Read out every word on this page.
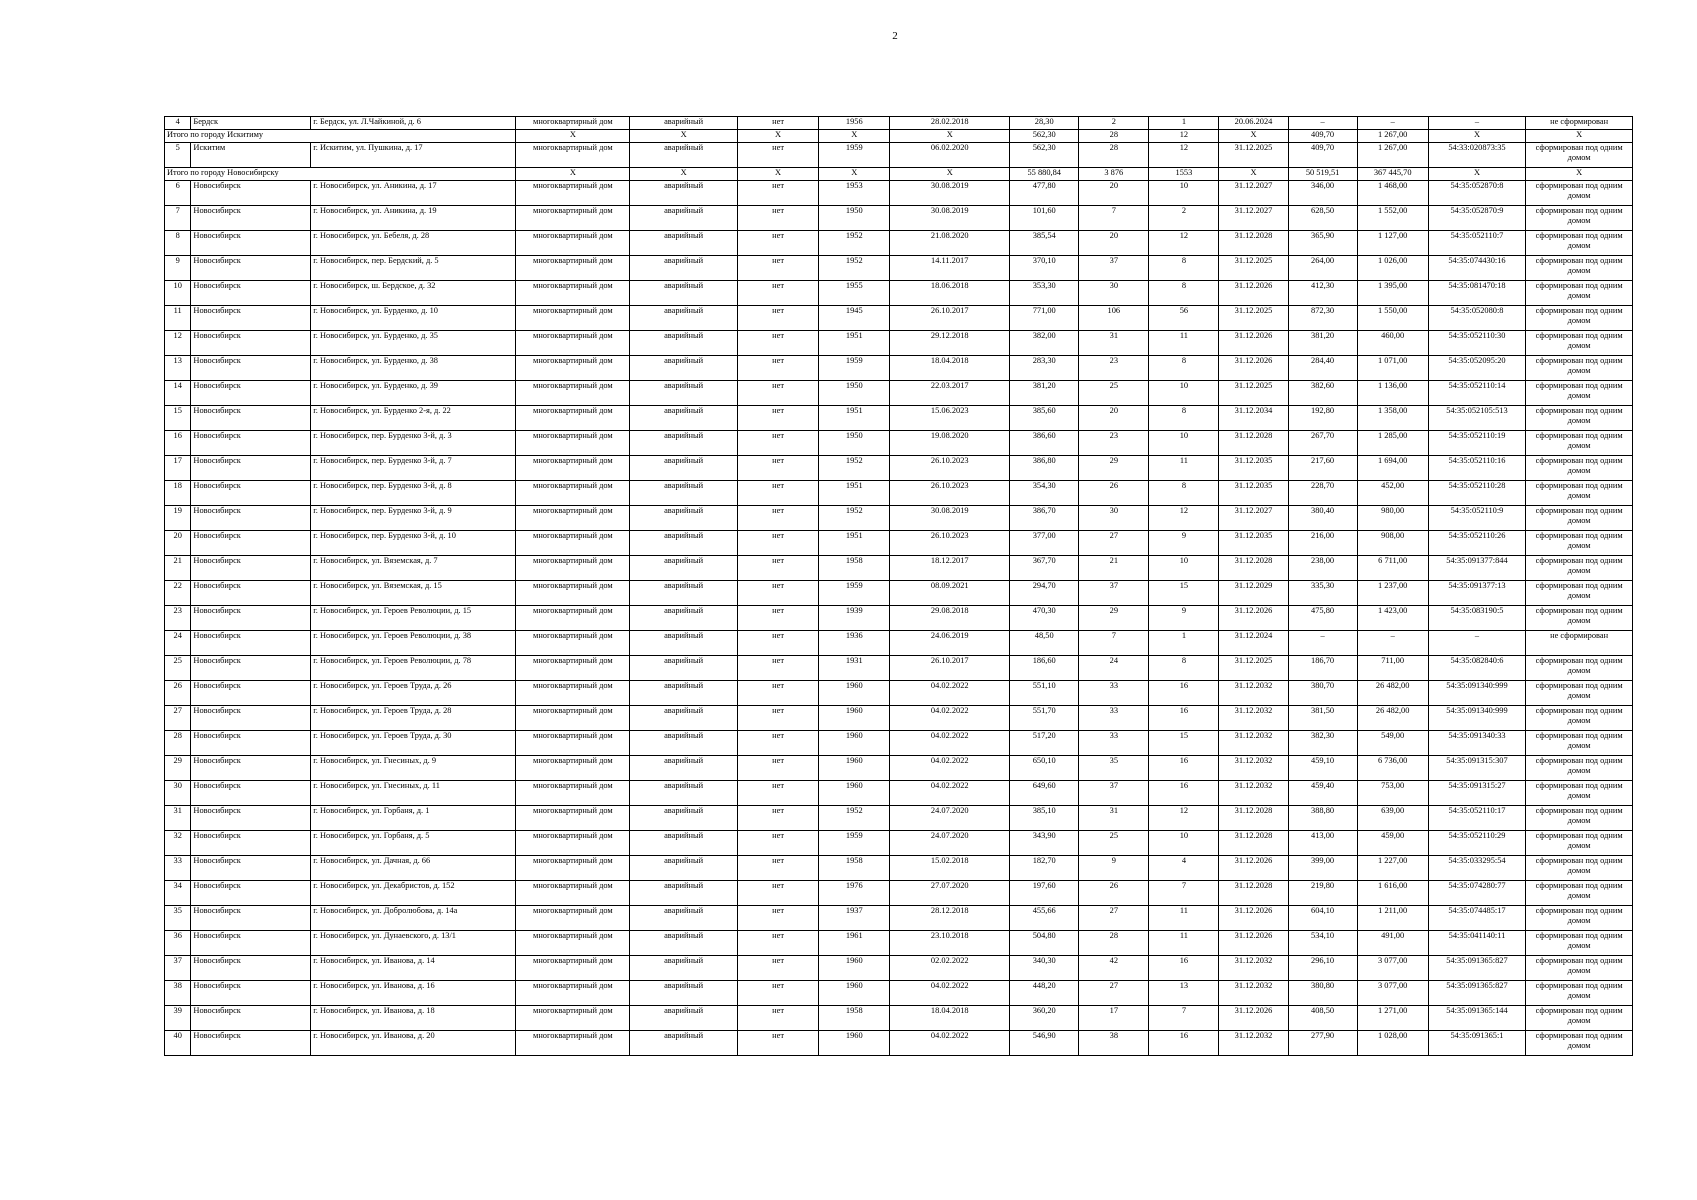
2
4	Бердск	г. Бердск, ул. Л.Чайкиной, д. 6	многоквартирный дом	аварийный	нет	1956	28.02.2018	28,30	2	1	20.06.2024	–	–	–	не сформирован
Итого по городу Искитиму			X	X	X	X	X	562,30	28	12	X	409,70	1 267,00	X	X
5	Искитим	г. Искитим, ул. Пушкина, д. 17	многоквартирный дом	аварийный	нет	1959	06.02.2020	562,30	28	12	31.12.2025	409,70	1 267,00	54:33:020873:35	сформирован под одним домом
Итого по городу Новосибирску			X	X	X	X	X	55 880,84	3 876	1553	X	50 519,51	367 445,70	X	X
6	Новосибирск	г. Новосибирск, ул. Аникина, д. 17	многоквартирный дом	аварийный	нет	1953	30.08.2019	477,80	20	10	31.12.2027	346,00	1 468,00	54:35:052870:8	сформирован под одним домом
7	Новосибирск	г. Новосибирск, ул. Аникина, д. 19	многоквартирный дом	аварийный	нет	1950	30.08.2019	101,60	7	2	31.12.2027	628,50	1 552,00	54:35:052870:9	сформирован под одним домом
8	Новосибирск	г. Новосибирск, ул. Бебеля, д. 28	многоквартирный дом	аварийный	нет	1952	21.08.2020	385,54	20	12	31.12.2028	365,90	1 127,00	54:35:052110:7	сформирован под одним домом
9	Новосибирск	г. Новосибирск, пер. Бердский, д. 5	многоквартирный дом	аварийный	нет	1952	14.11.2017	370,10	37	8	31.12.2025	264,00	1 026,00	54:35:074430:16	сформирован под одним домом
10	Новосибирск	г. Новосибирск, ш. Бердское, д. 32	многоквартирный дом	аварийный	нет	1955	18.06.2018	353,30	30	8	31.12.2026	412,30	1 395,00	54:35:081470:18	сформирован под одним домом
11	Новосибирск	г. Новосибирск, ул. Бурденко, д. 10	многоквартирный дом	аварийный	нет	1945	26.10.2017	771,00	106	56	31.12.2025	872,30	1 550,00	54:35:052080:8	сформирован под одним домом
12	Новосибирск	г. Новосибирск, ул. Бурденко, д. 35	многоквартирный дом	аварийный	нет	1951	29.12.2018	382,00	31	11	31.12.2026	381,20	460,00	54:35:052110:30	сформирован под одним домом
13	Новосибирск	г. Новосибирск, ул. Бурденко, д. 38	многоквартирный дом	аварийный	нет	1959	18.04.2018	283,30	23	8	31.12.2026	284,40	1 071,00	54:35:052095:20	сформирован под одним домом
14	Новосибирск	г. Новосибирск, ул. Бурденко, д. 39	многоквартирный дом	аварийный	нет	1950	22.03.2017	381,20	25	10	31.12.2025	382,60	1 136,00	54:35:052110:14	сформирован под одним домом
15	Новосибирск	г. Новосибирск, ул. Бурденко 2-я, д. 22	многоквартирный дом	аварийный	нет	1951	15.06.2023	385,60	20	8	31.12.2034	192,80	1 358,00	54:35:052105:513	сформирован под одним домом
16	Новосибирск	г. Новосибирск, пер. Бурденко 3-й, д. 3	многоквартирный дом	аварийный	нет	1950	19.08.2020	386,60	23	10	31.12.2028	267,70	1 285,00	54:35:052110:19	сформирован под одним домом
17	Новосибирск	г. Новосибирск, пер. Бурденко 3-й, д. 7	многоквартирный дом	аварийный	нет	1952	26.10.2023	386,80	29	11	31.12.2035	217,60	1 694,00	54:35:052110:16	сформирован под одним домом
18	Новосибирск	г. Новосибирск, пер. Бурденко 3-й, д. 8	многоквартирный дом	аварийный	нет	1951	26.10.2023	354,30	26	8	31.12.2035	228,70	452,00	54:35:052110:28	сформирован под одним домом
19	Новосибирск	г. Новосибирск, пер. Бурденко 3-й, д. 9	многоквартирный дом	аварийный	нет	1952	30.08.2019	386,70	30	12	31.12.2027	380,40	980,00	54:35:052110:9	сформирован под одним домом
20	Новосибирск	г. Новосибирск, пер. Бурденко 3-й, д. 10	многоквартирный дом	аварийный	нет	1951	26.10.2023	377,00	27	9	31.12.2035	216,00	908,00	54:35:052110:26	сформирован под одним домом
21	Новосибирск	г. Новосибирск, ул. Вяземская, д. 7	многоквартирный дом	аварийный	нет	1958	18.12.2017	367,70	21	10	31.12.2028	238,00	6 711,00	54:35:091377:844	сформирован под одним домом
22	Новосибирск	г. Новосибирск, ул. Вяземская, д. 15	многоквартирный дом	аварийный	нет	1959	08.09.2021	294,70	37	15	31.12.2029	335,30	1 237,00	54:35:091377:13	сформирован под одним домом
23	Новосибирск	г. Новосибирск, ул. Героев Революции, д. 15	многоквартирный дом	аварийный	нет	1939	29.08.2018	470,30	29	9	31.12.2026	475,80	1 423,00	54:35:083190:5	сформирован под одним домом
24	Новосибирск	г. Новосибирск, ул. Героев Революции, д. 38	многоквартирный дом	аварийный	нет	1936	24.06.2019	48,50	7	1	31.12.2024	–	–	–	не сформирован
25	Новосибирск	г. Новосибирск, ул. Героев Революции, д. 78	многоквартирный дом	аварийный	нет	1931	26.10.2017	186,60	24	8	31.12.2025	186,70	711,00	54:35:082840:6	сформирован под одним домом
26	Новосибирск	г. Новосибирск, ул. Героев Труда, д. 26	многоквартирный дом	аварийный	нет	1960	04.02.2022	551,10	33	16	31.12.2032	380,70	26 482,00	54:35:091340:999	сформирован под одним домом
27	Новосибирск	г. Новосибирск, ул. Героев Труда, д. 28	многоквартирный дом	аварийный	нет	1960	04.02.2022	551,70	33	16	31.12.2032	381,50	26 482,00	54:35:091340:999	сформирован под одним домом
28	Новосибирск	г. Новосибирск, ул. Героев Труда, д. 30	многоквартирный дом	аварийный	нет	1960	04.02.2022	517,20	33	15	31.12.2032	382,30	549,00	54:35:091340:33	сформирован под одним домом
29	Новосибирск	г. Новосибирск, ул. Гнесиных, д. 9	многоквартирный дом	аварийный	нет	1960	04.02.2022	650,10	35	16	31.12.2032	459,10	6 736,00	54:35:091315:307	сформирован под одним домом
30	Новосибирск	г. Новосибирск, ул. Гнесиных, д. 11	многоквартирный дом	аварийный	нет	1960	04.02.2022	649,60	37	16	31.12.2032	459,40	753,00	54:35:091315:27	сформирован под одним домом
31	Новосибирск	г. Новосибирск, ул. Горбаня, д. 1	многоквартирный дом	аварийный	нет	1952	24.07.2020	385,10	31	12	31.12.2028	388,80	639,00	54:35:052110:17	сформирован под одним домом
32	Новосибирск	г. Новосибирск, ул. Горбаня, д. 5	многоквартирный дом	аварийный	нет	1959	24.07.2020	343,90	25	10	31.12.2028	413,00	459,00	54:35:052110:29	сформирован под одним домом
33	Новосибирск	г. Новосибирск, ул. Дачная, д. 66	многоквартирный дом	аварийный	нет	1958	15.02.2018	182,70	9	4	31.12.2026	399,00	1 227,00	54:35:033295:54	сформирован под одним домом
34	Новосибирск	г. Новосибирск, ул. Декабристов, д. 152	многоквартирный дом	аварийный	нет	1976	27.07.2020	197,60	26	7	31.12.2028	219,80	1 616,00	54:35:074280:77	сформирован под одним домом
35	Новосибирск	г. Новосибирск, ул. Добролюбова, д. 14а	многоквартирный дом	аварийный	нет	1937	28.12.2018	455,66	27	11	31.12.2026	604,10	1 211,00	54:35:074485:17	сформирован под одним домом
36	Новосибирск	г. Новосибирск, ул. Дунаевского, д. 13/1	многоквартирный дом	аварийный	нет	1961	23.10.2018	504,80	28	11	31.12.2026	534,10	491,00	54:35:041140:11	сформирован под одним домом
37	Новосибирск	г. Новосибирск, ул. Иванова, д. 14	многоквартирный дом	аварийный	нет	1960	02.02.2022	340,30	42	16	31.12.2032	296,10	3 077,00	54:35:091365:827	сформирован под одним домом
38	Новосибирск	г. Новосибирск, ул. Иванова, д. 16	многоквартирный дом	аварийный	нет	1960	04.02.2022	448,20	27	13	31.12.2032	380,80	3 077,00	54:35:091365:827	сформирован под одним домом
39	Новосибирск	г. Новосибирск, ул. Иванова, д. 18	многоквартирный дом	аварийный	нет	1958	18.04.2018	360,20	17	7	31.12.2026	408,50	1 271,00	54:35:091365:144	сформирован под одним домом
40	Новосибирск	г. Новосибирск, ул. Иванова, д. 20	многоквартирный дом	аварийный	нет	1960	04.02.2022	546,90	38	16	31.12.2032	277,90	1 028,00	54:35:091365:1	сформирован под одним домом
